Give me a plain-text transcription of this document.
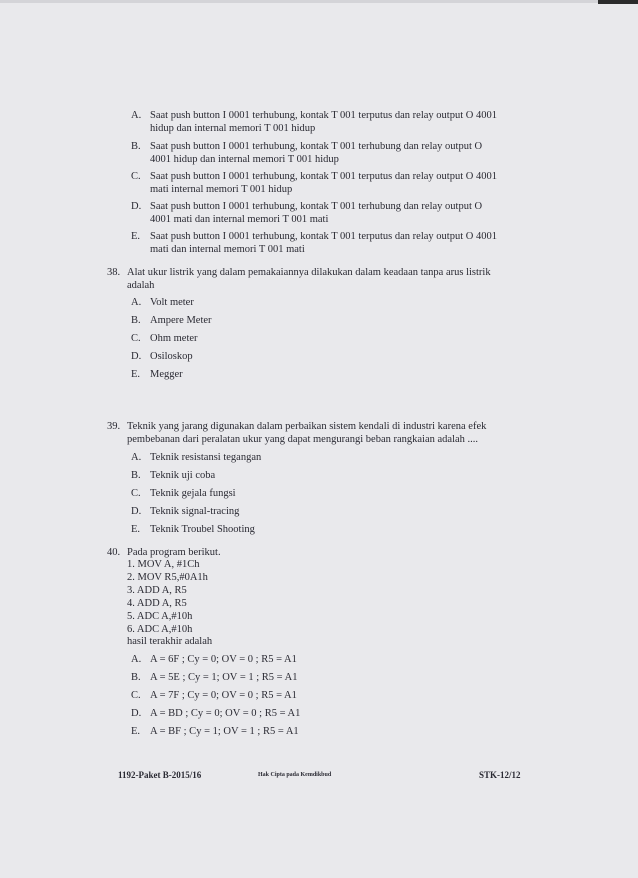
A. Saat push button I 0001 terhubung, kontak T 001 terputus dan relay output O 4001
hidup dan internal memori T 001 hidup
B. Saat push button I 0001 terhubung, kontak T 001 terhubung dan relay output O
4001 hidup dan internal memori T 001 hidup
C. Saat push button I 0001 terhubung, kontak T 001 terputus dan relay output O 4001
mati internal memori T 001 hidup
D. Saat push button I 0001 terhubung, kontak T 001 terhubung dan relay output O
4001 mati dan internal memori T 001 mati
E. Saat push button I 0001 terhubung, kontak T 001 terputus dan relay output O 4001
mati dan internal memori T 001 mati
38. Alat ukur listrik yang dalam pemakaiannya dilakukan dalam keadaan tanpa arus listrik
adalah
A. Volt meter
B. Ampere Meter
C. Ohm meter
D. Osiloskop
E. Megger
39. Teknik yang jarang digunakan dalam perbaikan sistem kendali di industri karena efek
pembebanan dari peralatan ukur yang dapat mengurangi beban rangkaian adalah ....
A. Teknik resistansi tegangan
B. Teknik uji coba
C. Teknik gejala fungsi
D. Teknik signal-tracing
E. Teknik Troubel Shooting
40. Pada program berikut.
1. MOV A, #1Ch
2. MOV R5,#0A1h
3. ADD A, R5
4. ADD A, R5
5. ADC A,#10h
6. ADC A,#10h
hasil terakhir adalah
A. A = 6F ; Cy = 0; OV = 0 ; R5 = A1
B. A = 5E ; Cy = 1; OV = 1 ; R5 = A1
C. A = 7F ; Cy = 0; OV = 0 ; R5 = A1
D. A = BD ; Cy = 0; OV = 0 ; R5 = A1
E. A = BF ; Cy = 1; OV = 1 ; R5 = A1
1192-Paket B-2015/16	Hak Cipta pada Kemdikbud	STK-12/12
